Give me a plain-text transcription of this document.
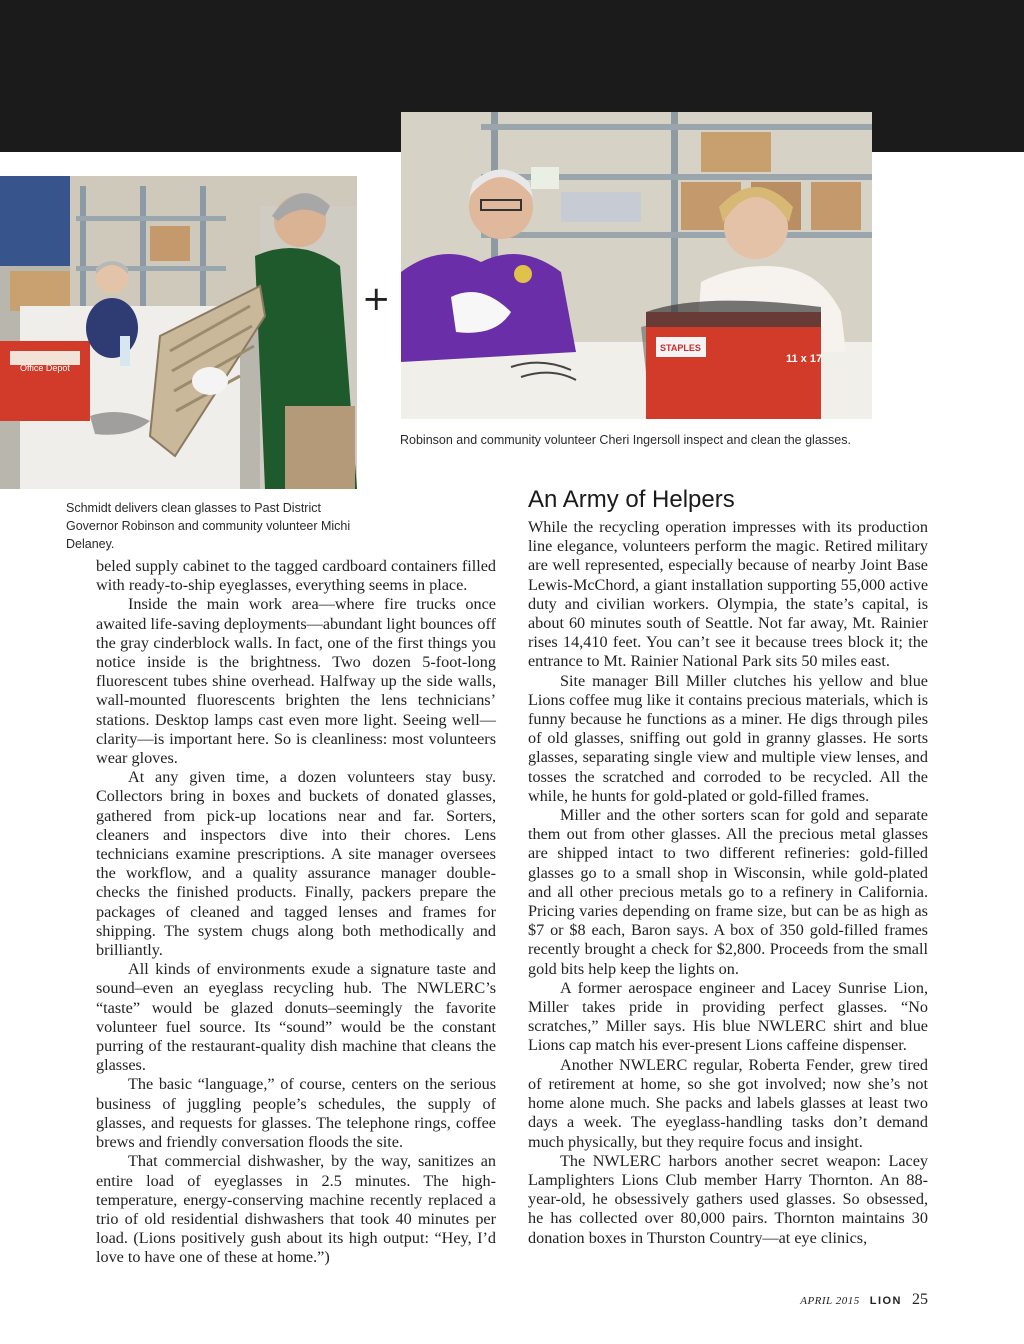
Office Depot
+
STAPLES
11 x 17
Robinson and community volunteer Cheri Ingersoll inspect and clean the glasses.
Schmidt delivers clean glasses to Past District Governor Robinson and community volunteer Michi Delaney.
An Army of Helpers

beled supply cabinet to the tagged cardboard containers filled with ready-to-ship eyeglasses, everything seems in place.

Inside the main work area—where fire trucks once awaited life-saving deployments—abundant light bounces off the gray cinderblock walls. In fact, one of the first things you notice inside is the brightness. Two dozen 5-foot-long fluorescent tubes shine overhead. Halfway up the side walls, wall-mounted fluorescents brighten the lens technicians’ stations. Desktop lamps cast even more light. Seeing well—clarity—is important here. So is cleanliness: most volunteers wear gloves.

At any given time, a dozen volunteers stay busy. Collectors bring in boxes and buckets of donated glasses, gathered from pick-up locations near and far. Sorters, cleaners and inspectors dive into their chores. Lens technicians examine prescriptions. A site manager oversees the workflow, and a quality assurance manager double-checks the finished products. Finally, packers prepare the packages of cleaned and tagged lenses and frames for shipping. The system chugs along both methodically and brilliantly.

All kinds of environments exude a signature taste and sound–even an eyeglass recycling hub. The NWLERC’s “taste” would be glazed donuts–seemingly the favorite volunteer fuel source. Its “sound” would be the constant purring of the restaurant-quality dish machine that cleans the glasses.

The basic “language,” of course, centers on the serious business of juggling people’s schedules, the supply of glasses, and requests for glasses. The telephone rings, coffee brews and friendly conversation floods the site.

That commercial dishwasher, by the way, sanitizes an entire load of eyeglasses in 2.5 minutes. The high-temperature, energy-conserving machine recently replaced a trio of old residential dishwashers that took 40 minutes per load. (Lions positively gush about its high output: “Hey, I’d love to have one of these at home.”)

While the recycling operation impresses with its production line elegance, volunteers perform the magic. Retired military are well represented, especially because of nearby Joint Base Lewis-McChord, a giant installation supporting 55,000 active duty and civilian workers. Olympia, the state’s capital, is about 60 minutes south of Seattle. Not far away, Mt. Rainier rises 14,410 feet. You can’t see it because trees block it; the entrance to Mt. Rainier National Park sits 50 miles east.

Site manager Bill Miller clutches his yellow and blue Lions coffee mug like it contains precious materials, which is funny because he functions as a miner. He digs through piles of old glasses, sniffing out gold in granny glasses. He sorts glasses, separating single view and multiple view lenses, and tosses the scratched and corroded to be recycled. All the while, he hunts for gold-plated or gold-filled frames.

Miller and the other sorters scan for gold and separate them out from other glasses. All the precious metal glasses are shipped intact to two different refineries: gold-filled glasses go to a small shop in Wisconsin, while gold-plated and all other precious metals go to a refinery in California. Pricing varies depending on frame size, but can be as high as $7 or $8 each, Baron says. A box of 350 gold-filled frames recently brought a check for $2,800. Proceeds from the small gold bits help keep the lights on.

A former aerospace engineer and Lacey Sunrise Lion, Miller takes pride in providing perfect glasses. “No scratches,” Miller says. His blue NWLERC shirt and blue Lions cap match his ever-present Lions caffeine dispenser.

Another NWLERC regular, Roberta Fender, grew tired of retirement at home, so she got involved; now she’s not home alone much. She packs and labels glasses at least two days a week. The eyeglass-handling tasks don’t demand much physically, but they require focus and insight.

The NWLERC harbors another secret weapon: Lacey Lamplighters Lions Club member Harry Thornton. An 88-year-old, he obsessively gathers used glasses. So obsessed, he has collected over 80,000 pairs. Thornton maintains 30 donation boxes in Thurston Country—at eye clinics,

APRIL 2015 LION 25
